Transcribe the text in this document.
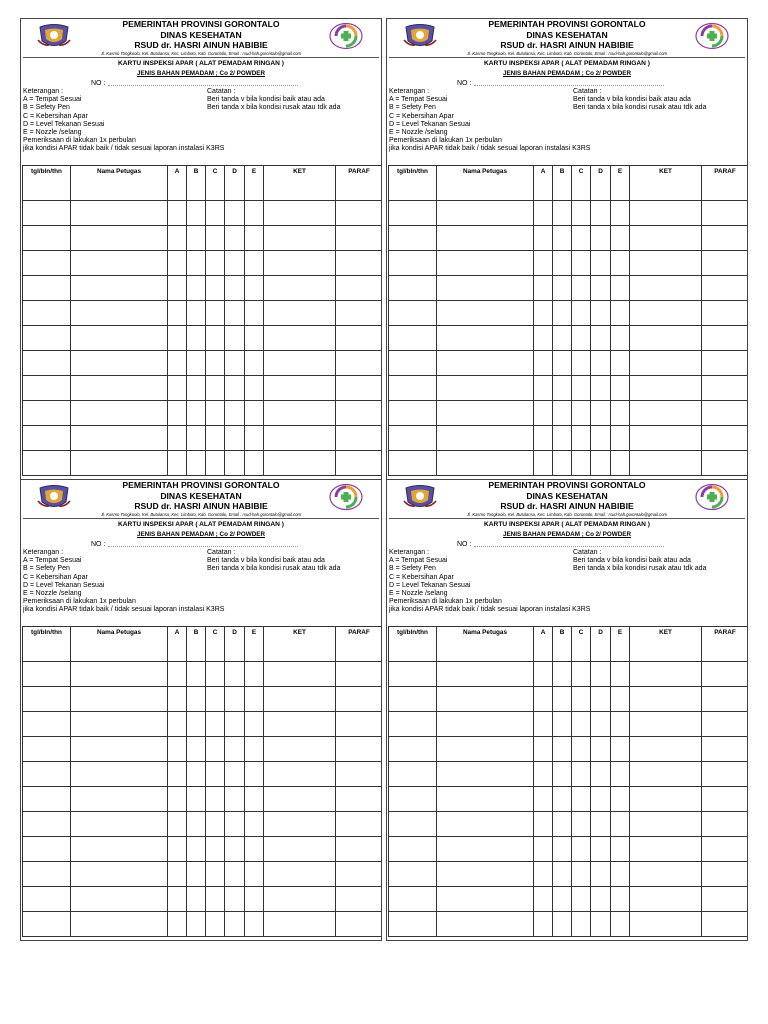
PEMERINTAH PROVINSI GORONTALO
DINAS KESEHATAN
RSUD dr. HASRI AINUN HABIBIE
Jl. Kasmo Tongkoolo, Kel. Butulansa, Kec. Limboto, Kab. Gorontalo, Email : rsud-hah.gorontalo@gmail.com
KARTU INSPEKSI APAR ( ALAT PEMADAM RINGAN )
JENIS BAHAN PEMADAM ; Co 2/ POWDER
NO :
Keterangan :
A = Tempat Sesuai
B = Sefety Pen
C = Kebersihan Apar
D = Level Tekanan Sesuai
E = Nozzle /selang
Pemeriksaan di lakukan 1x perbulan
jika kondisi APAR tidak baik / tidak sesuai laporan instalasi K3RS
Catatan :
Beri tanda v bila kondisi baik atau ada
Beri tanda x bila kondisi rusak atau tdk ada
tgl/bln/thn	Nama Petugas	A	B	C	D	E	KET	PARAF

PEMERINTAH PROVINSI GORONTALO
DINAS KESEHATAN
RSUD dr. HASRI AINUN HABIBIE
Jl. Kasmo Tongkoolo, Kel. Butulansa, Kec. Limboto, Kab. Gorontalo, Email : rsud-hah.gorontalo@gmail.com
KARTU INSPEKSI APAR ( ALAT PEMADAM RINGAN )
JENIS BAHAN PEMADAM ; Co 2/ POWDER
NO :
Keterangan :
A = Tempat Sesuai
B = Sefety Pen
C = Kebersihan Apar
D = Level Tekanan Sesuai
E = Nozzle /selang
Pemeriksaan di lakukan 1x perbulan
jika kondisi APAR tidak baik / tidak sesuai laporan instalasi K3RS
Catatan :
Beri tanda v bila kondisi baik atau ada
Beri tanda x bila kondisi rusak atau tdk ada
tgl/bln/thn	Nama Petugas	A	B	C	D	E	KET	PARAF

PEMERINTAH PROVINSI GORONTALO
DINAS KESEHATAN
RSUD dr. HASRI AINUN HABIBIE
Jl. Kasmo Tongkoolo, Kel. Butulansa, Kec. Limboto, Kab. Gorontalo, Email : rsud-hah.gorontalo@gmail.com
KARTU INSPEKSI APAR ( ALAT PEMADAM RINGAN )
JENIS BAHAN PEMADAM ; Co 2/ POWDER
NO :
Keterangan :
A = Tempat Sesuai
B = Sefety Pen
C = Kebersihan Apar
D = Level Tekanan Sesuai
E = Nozzle /selang
Pemeriksaan di lakukan 1x perbulan
jika kondisi APAR tidak baik / tidak sesuai laporan instalasi K3RS
Catatan :
Beri tanda v bila kondisi baik atau ada
Beri tanda x bila kondisi rusak atau tdk ada
tgl/bln/thn	Nama Petugas	A	B	C	D	E	KET	PARAF

PEMERINTAH PROVINSI GORONTALO
DINAS KESEHATAN
RSUD dr. HASRI AINUN HABIBIE
Jl. Kasmo Tongkoolo, Kel. Butulansa, Kec. Limboto, Kab. Gorontalo, Email : rsud-hah.gorontalo@gmail.com
KARTU INSPEKSI APAR ( ALAT PEMADAM RINGAN )
JENIS BAHAN PEMADAM ; Co 2/ POWDER
NO :
Keterangan :
A = Tempat Sesuai
B = Sefety Pen
C = Kebersihan Apar
D = Level Tekanan Sesuai
E = Nozzle /selang
Pemeriksaan di lakukan 1x perbulan
jika kondisi APAR tidak baik / tidak sesuai laporan instalasi K3RS
Catatan :
Beri tanda v bila kondisi baik atau ada
Beri tanda x bila kondisi rusak atau tdk ada
tgl/bln/thn	Nama Petugas	A	B	C	D	E	KET	PARAF
